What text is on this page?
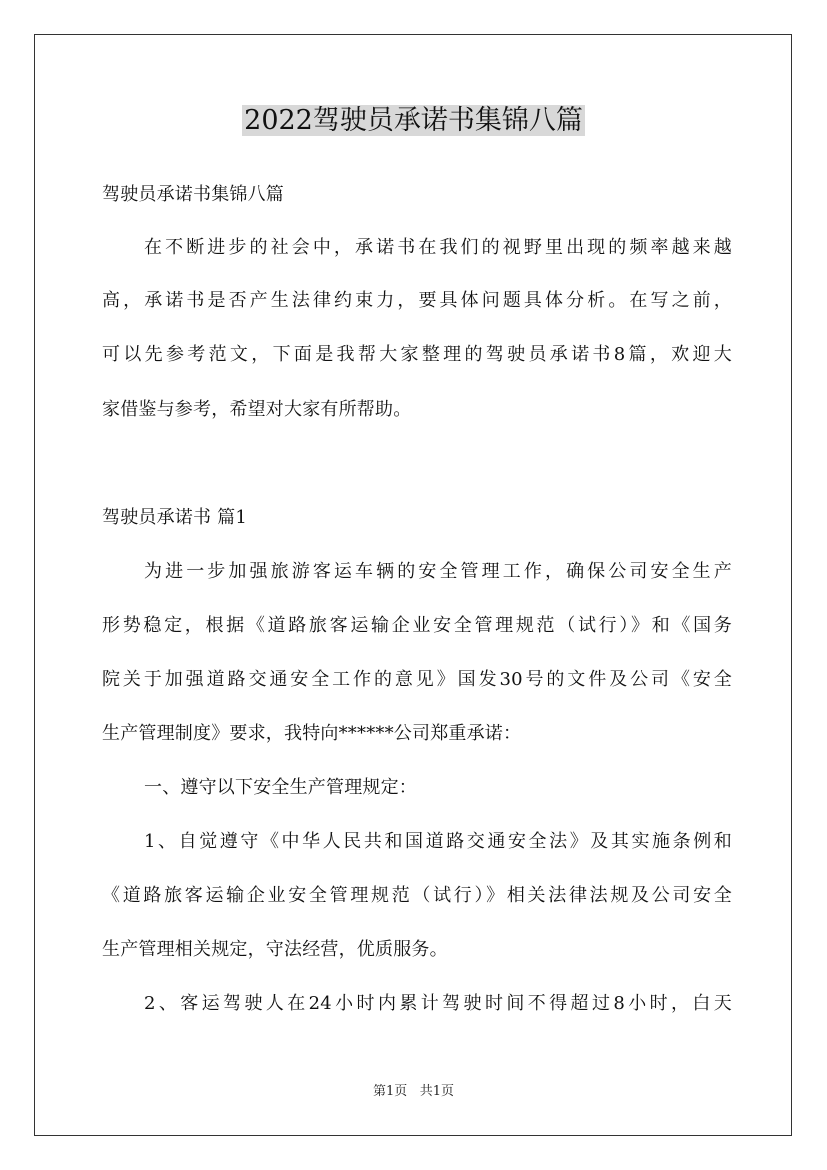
2022驾驶员承诺书集锦八篇
驾驶员承诺书集锦八篇
在不断进步的社会中，承诺书在我们的视野里出现的频率越来越
高，承诺书是否产生法律约束力，要具体问题具体分析。在写之前，
可以先参考范文，下面是我帮大家整理的驾驶员承诺书8篇，欢迎大
家借鉴与参考，希望对大家有所帮助。
驾驶员承诺书 篇1
为进一步加强旅游客运车辆的安全管理工作，确保公司安全生产
形势稳定，根据《道路旅客运输企业安全管理规范（试行）》和《国务
院关于加强道路交通安全工作的意见》国发30号的文件及公司《安全
生产管理制度》要求，我特向******公司郑重承诺：
一、遵守以下安全生产管理规定：
1、自觉遵守《中华人民共和国道路交通安全法》及其实施条例和
《道路旅客运输企业安全管理规范（试行）》相关法律法规及公司安全
生产管理相关规定，守法经营，优质服务。
2、客运驾驶人在24小时内累计驾驶时间不得超过8小时，白天
第1页 共1页
